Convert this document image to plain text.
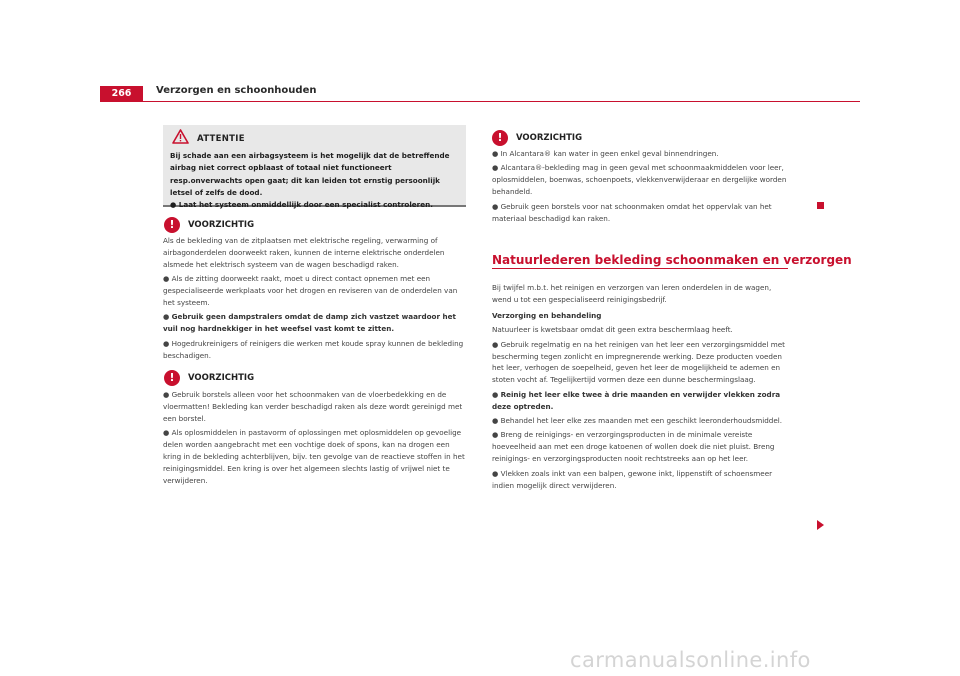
266	Verzorgen en schoonhouden
ATTENTIE

Bij schade aan een airbagsysteem is het mogelijk dat de betreffende airbag niet correct opblaast of totaal niet functioneert resp.onverwachts open gaat; dit kan leiden tot ernstig persoonlijk letsel of zelfs de dood.

● Laat het systeem onmiddellijk door een specialist controleren.

!	VOORZICHTIG

Als de bekleding van de zitplaatsen met elektrische regeling, verwarming of airbagonderdelen doorweekt raken, kunnen de interne elektrische onderdelen alsmede het elektrisch systeem van de wagen beschadigd raken.

● Als de zitting doorweekt raakt, moet u direct contact opnemen met een gespecialiseerde werkplaats voor het drogen en reviseren van de onderdelen van het systeem.

● Gebruik geen dampstralers omdat de damp zich vastzet waardoor het vuil nog hardnekkiger in het weefsel vast komt te zitten.

● Hogedrukreinigers of reinigers die werken met koude spray kunnen de bekleding beschadigen.

!	VOORZICHTIG

● Gebruik borstels alleen voor het schoonmaken van de vloerbedekking en de vloermatten! Bekleding kan verder beschadigd raken als deze wordt gereinigd met een borstel.

● Als oplosmiddelen in pastavorm of oplossingen met oplosmiddelen op gevoelige delen worden aangebracht met een vochtige doek of spons, kan na drogen een kring in de bekleding achterblijven, bijv. ten gevolge van de reactieve stoffen in het reinigingsmiddel. Een kring is over het algemeen slechts lastig of vrijwel niet te verwijderen.

!	VOORZICHTIG

● In Alcantara® kan water in geen enkel geval binnendringen.

● Alcantara®-bekleding mag in geen geval met schoonmaakmiddelen voor leer, oplosmiddelen, boenwas, schoenpoets, vlekkenverwijderaar en dergelijke worden behandeld.

● Gebruik geen borstels voor nat schoonmaken omdat het oppervlak van het materiaal beschadigd kan raken.

Natuurlederen bekleding schoonmaken en verzorgen

Bij twijfel m.b.t. het reinigen en verzorgen van leren onderdelen in de wagen, wend u tot een gespecialiseerd reinigingsbedrijf.

Verzorging en behandeling

Natuurleer is kwetsbaar omdat dit geen extra beschermlaag heeft.

● Gebruik regelmatig en na het reinigen van het leer een verzorgingsmiddel met bescherming tegen zonlicht en impregnerende werking. Deze producten voeden het leer, verhogen de soepelheid, geven het leer de mogelijkheid te ademen en stoten vocht af. Tegelijkertijd vormen deze een dunne beschermingslaag.

● Reinig het leer elke twee à drie maanden en verwijder vlekken zodra deze optreden.

● Behandel het leer elke zes maanden met een geschikt leeronderhoudsmiddel.

● Breng de reinigings- en verzorgingsproducten in de minimale vereiste hoeveelheid aan met een droge katoenen of wollen doek die niet pluist. Breng reinigings- en verzorgingsproducten nooit rechtstreeks aan op het leer.

● Vlekken zoals inkt van een balpen, gewone inkt, lippenstift of schoensmeer indien mogelijk direct verwijderen.

carmanualsonline.info
